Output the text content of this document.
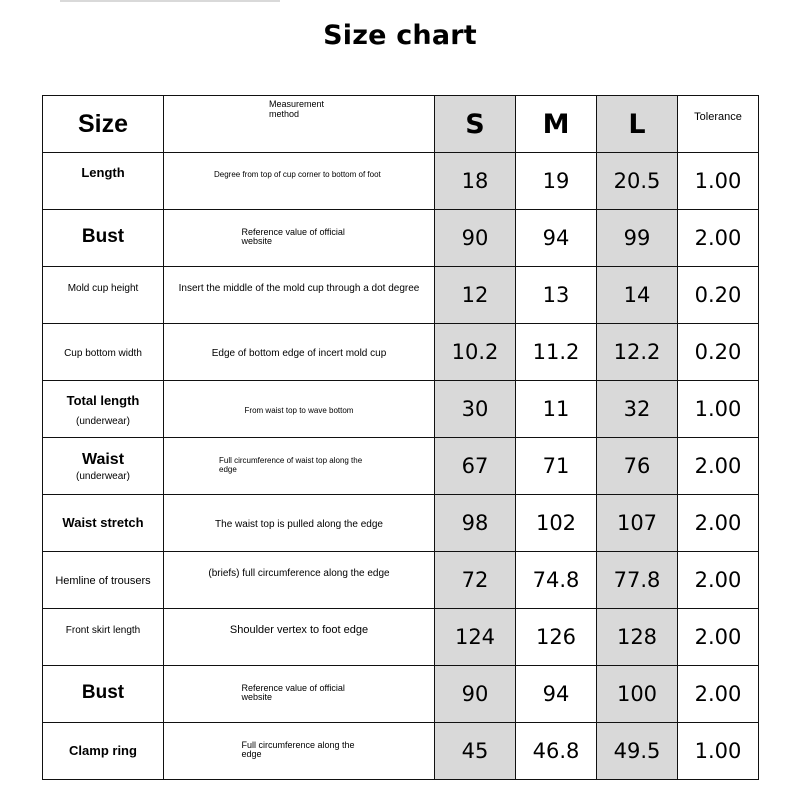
Size chart
Size	Measurement method	S	M	L	$^{Tolerance}$
$^{Length}$	Degree from top of cup corner to bottom of foot	18	19	20.5	1.00
Bust	Reference value of official website	90	94	99	2.00
$^{Mold cup height}$	$^{Insert the middle of the mold cup through a dot degree}$	12	13	14	0.20
Cup bottom width	Edge of bottom edge of incert mold cup	10.2	11.2	12.2	0.20
Total length
(underwear)	From waist top to wave bottom	30	11	32	1.00
Waist
(underwear)	Full circumference of waist top along the edge	67	71	76	2.00
Waist stretch	The waist top is pulled along the edge	98	102	107	2.00
Hemline of trousers	$^{(briefs) full circumference along the edge}$	72	74.8	77.8	2.00
$^{Front skirt length}$	$^{Shoulder vertex to foot edge}$	124	126	128	2.00
Bust	Reference value of official website	90	94	100	2.00
Clamp ring	Full circumference along the edge	45	46.8	49.5	1.00
